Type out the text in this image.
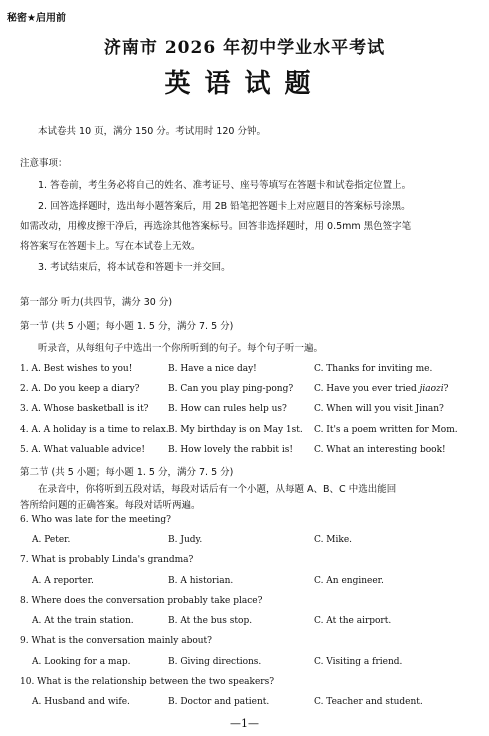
秘密★启用前
济南市 2026 年初中学业水平考试
英语试题
本试卷共 10 页，满分 150 分。考试用时 120 分钟。
注意事项：
1. 答卷前，考生务必将自己的姓名、准考证号、座号等填写在答题卡和试卷指定位置上。
2. 回答选择题时，选出每小题答案后，用 2B 铅笔把答题卡上对应题目的答案标号涂黑。
如需改动，用橡皮擦干净后，再选涂其他答案标号。回答非选择题时，用 0.5mm 黑色签字笔
将答案写在答题卡上。写在本试卷上无效。
3. 考试结束后，将本试卷和答题卡一并交回。
第一部分 听力(共四节，满分 30 分)
第一节 (共 5 小题；每小题 1. 5 分，满分 7. 5 分)
听录音，从每组句子中选出一个你所听到的句子。每个句子听一遍。
1. A. Best wishes to you!	B. Have a nice day!	C. Thanks for inviting me.
2. A. Do you keep a diary?	B. Can you play ping-pong? C. Have you ever tried jiaozi?
3. A. Whose basketball is it? B. How can rules help us?	C. When will you visit Jinan?
4. A. A holiday is a time to relax. B. My birthday is on May 1st. C. It's a poem written for Mom.
5. A. What valuable advice!	B. How lovely the rabbit is! C. What an interesting book!
第二节 (共 5 小题；每小题 1. 5 分，满分 7. 5 分)
在录音中，你将听到五段对话，每段对话后有一个小题，从每题 A、B、C 中选出能回
答所给问题的正确答案。每段对话听两遍。
6. Who was late for the meeting?
A. Peter.	B. Judy.	C. Mike.
7. What is probably Linda's grandma?
A. A reporter.	B. A historian.	C. An engineer.
8. Where does the conversation probably take place?
A. At the train station.	B. At the bus stop.	C. At the airport.
9. What is the conversation mainly about?
A. Looking for a map.	B. Giving directions.	C. Visiting a friend.
10. What is the relationship between the two speakers?
A. Husband and wife.	B. Doctor and patient.	C. Teacher and student.
—1—
